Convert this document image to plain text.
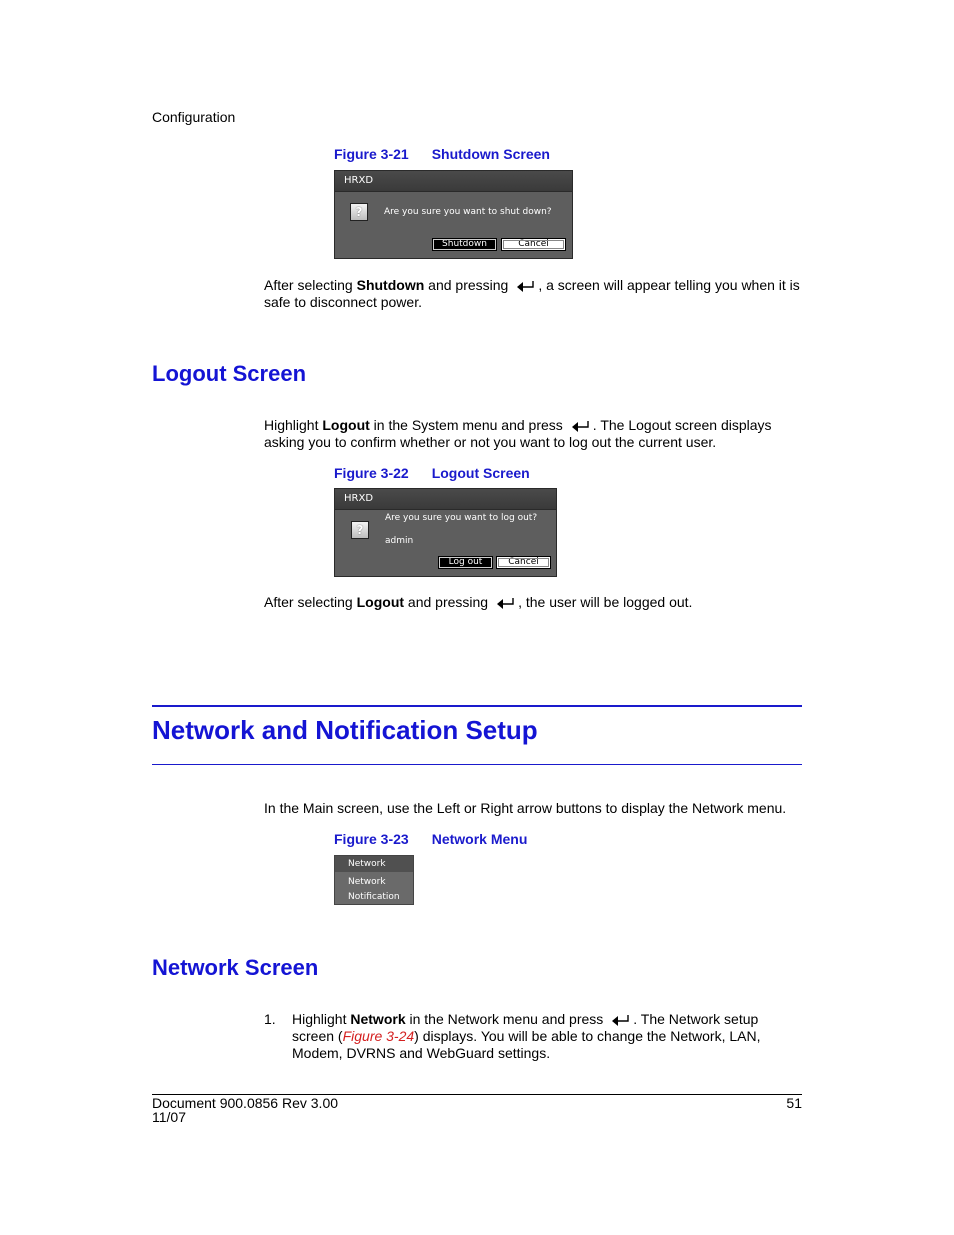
Configuration
Figure 3-21 Shutdown Screen
HRXD
?	Are you sure you want to shut down?
Shutdown	Cancel
After selecting Shutdown and pressing , a screen will appear telling you when it is
safe to disconnect power.
Logout Screen
Highlight Logout in the System menu and press . The Logout screen displays
asking you to confirm whether or not you want to log out the current user.
Figure 3-22 Logout Screen
HRXD
?
Are you sure you want to log out?
admin
Log out	Cancel
After selecting Logout and pressing , the user will be logged out.
Network and Notification Setup
In the Main screen, use the Left or Right arrow buttons to display the Network menu.
Figure 3-23 Network Menu
Network
Network
Notification
Network Screen
1. Highlight Network in the Network menu and press . The Network setup
screen (Figure 3-24) displays. You will be able to change the Network, LAN,
Modem, DVRNS and WebGuard settings.
Document 900.0856 Rev 3.00
11/07
51
